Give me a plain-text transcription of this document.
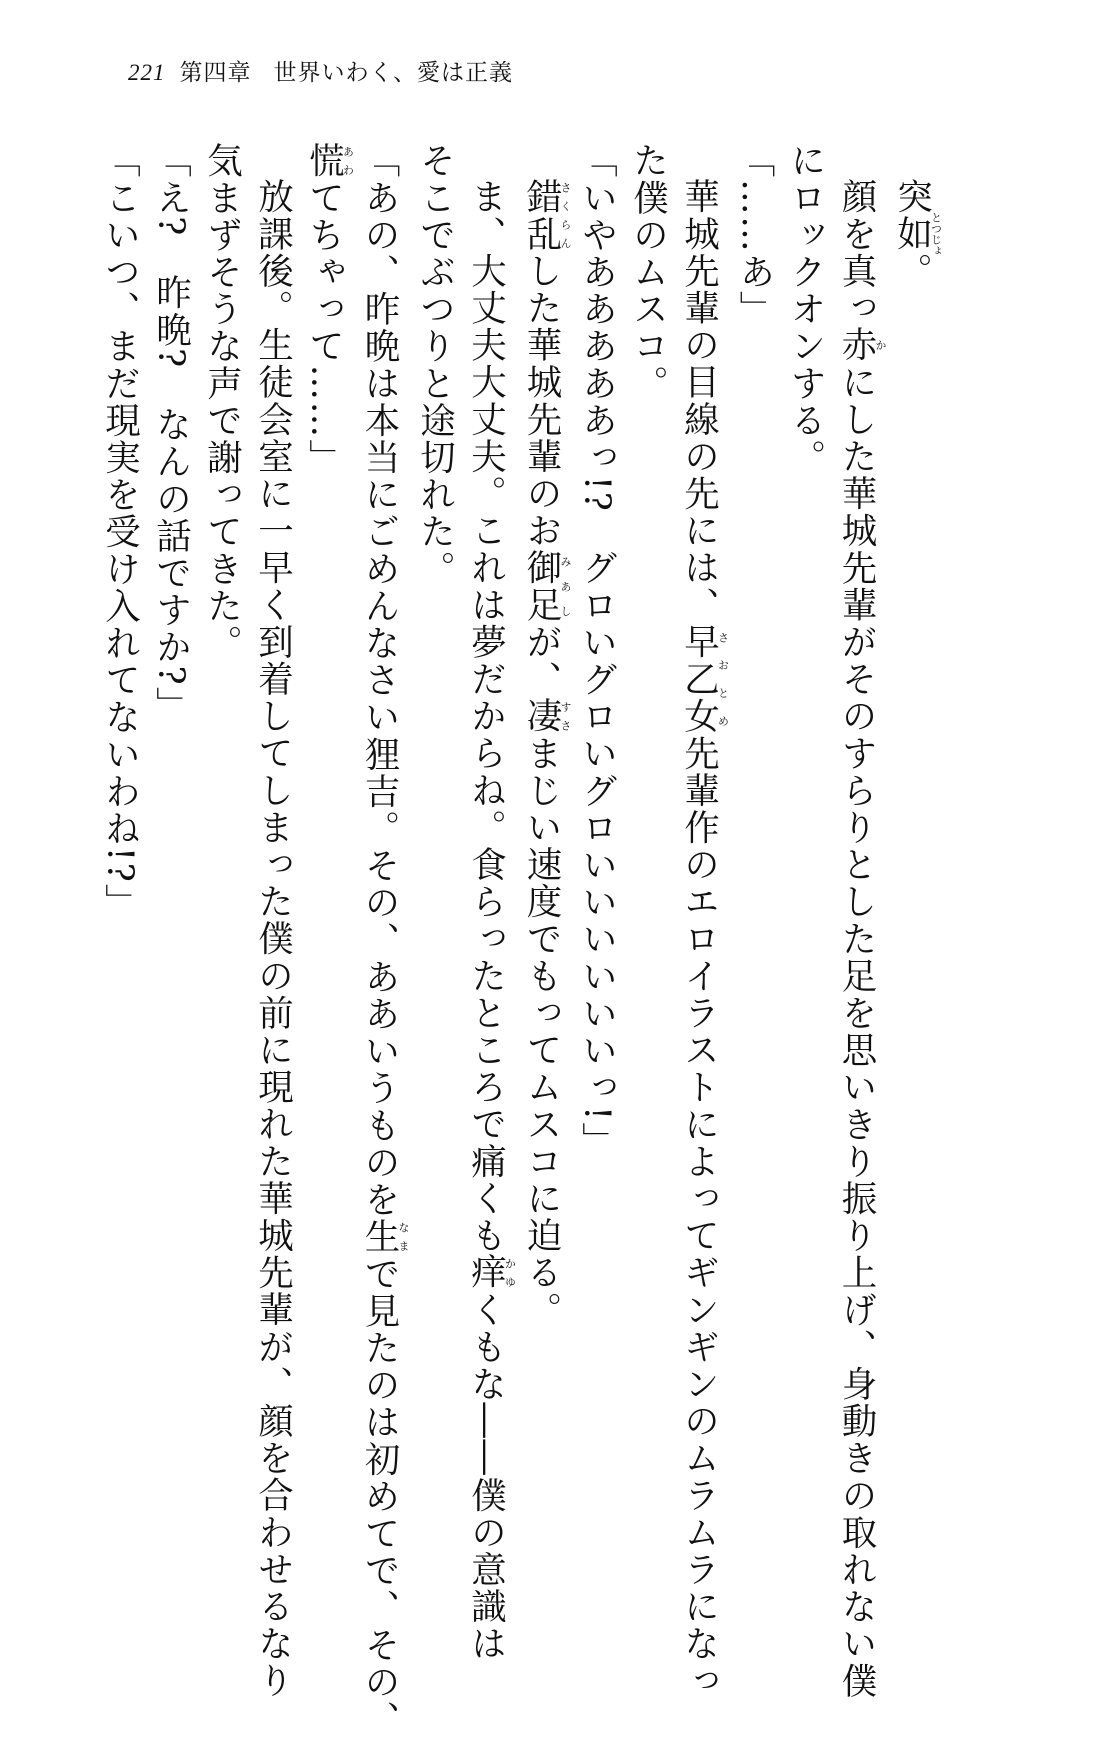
221 第四章 世界いわく、愛は正義
突如とつじょ。
顔を真っ赤かにした華城先輩がそのすらりとした足を思いきり振り上げ、身動きの取れない僕
にロックオンする。
「……あ」
華城先輩の目線の先には、早乙女さおとめ先輩作のエロイラストによってギンギンのムラムラになっ
た僕のムスコ。
「いやあああああっ!?　グロいグロいグロいいいいいいっ!」
錯乱さくらんした華城先輩のお御足みあしが、凄すさまじい速度でもってムスコに迫る。
ま、大丈夫大丈夫。これは夢だからね。食らったところで痛くも痒かゆくもな――僕の意識は
そこでぶつりと途切れた。
「あの、昨晩は本当にごめんなさい狸吉。その、ああいうものを生なまで見たのは初めてで、その、
慌あわてちゃって……」
放課後。生徒会室に一早く到着してしまった僕の前に現れた華城先輩が、顔を合わせるなり
気まずそうな声で謝ってきた。
「え?　昨晩?　なんの話ですか?」
「こいつ、まだ現実を受け入れてないわね!?」
